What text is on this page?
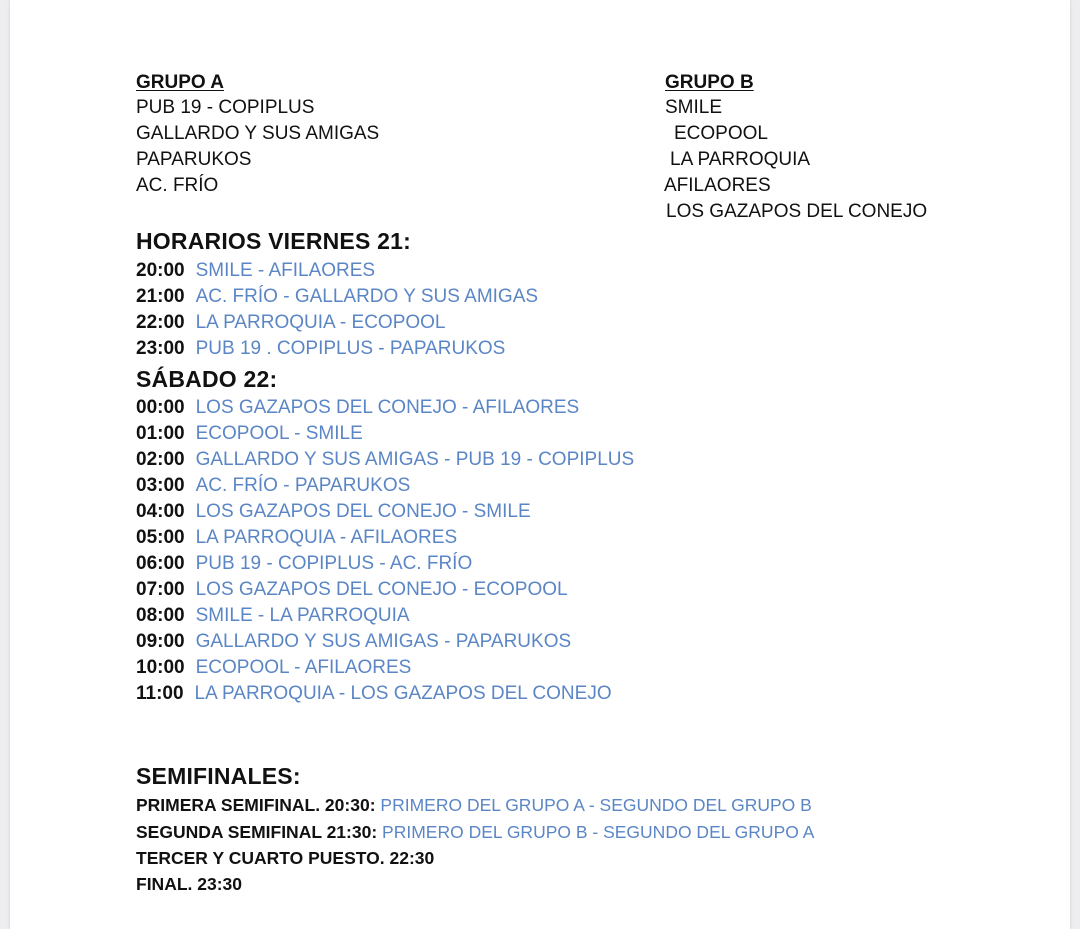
GRUPO A
PUB 19 - COPIPLUS
GALLARDO Y SUS AMIGAS
PAPARUKOS
AC. FRÍO
GRUPO B
SMILE
ECOPOOL
LA PARROQUIA
AFILAORES
LOS GAZAPOS DEL CONEJO
HORARIOS VIERNES 21:
20:00 SMILE - AFILAORES
21:00 AC. FRÍO - GALLARDO Y SUS AMIGAS
22:00 LA PARROQUIA - ECOPOOL
23:00 PUB 19 . COPIPLUS - PAPARUKOS
SÁBADO 22:
00:00 LOS GAZAPOS DEL CONEJO - AFILAORES
01:00 ECOPOOL - SMILE
02:00 GALLARDO Y SUS AMIGAS - PUB 19 - COPIPLUS
03:00 AC. FRÍO - PAPARUKOS
04:00 LOS GAZAPOS DEL CONEJO - SMILE
05:00 LA PARROQUIA - AFILAORES
06:00 PUB 19 - COPIPLUS - AC. FRÍO
07:00 LOS GAZAPOS DEL CONEJO - ECOPOOL
08:00 SMILE - LA PARROQUIA
09:00 GALLARDO Y SUS AMIGAS - PAPARUKOS
10:00 ECOPOOL - AFILAORES
11:00 LA PARROQUIA - LOS GAZAPOS DEL CONEJO
SEMIFINALES:
PRIMERA SEMIFINAL. 20:30: PRIMERO DEL GRUPO A - SEGUNDO DEL GRUPO B
SEGUNDA SEMIFINAL 21:30: PRIMERO DEL GRUPO B - SEGUNDO DEL GRUPO A
TERCER Y CUARTO PUESTO. 22:30
FINAL. 23:30
